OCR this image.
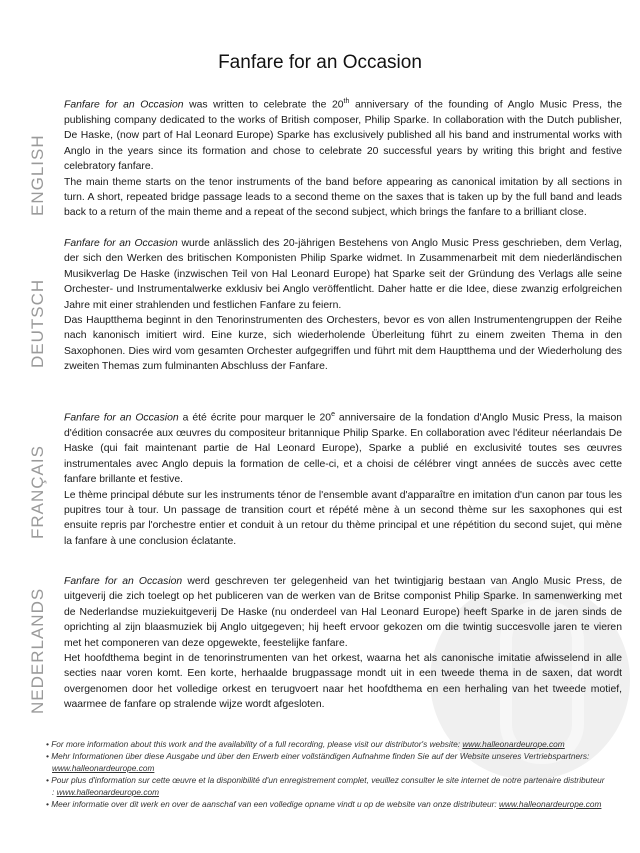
Fanfare for an Occasion
ENGLISH

Fanfare for an Occasion was written to celebrate the 20th anniversary of the founding of Anglo Music Press, the publishing company dedicated to the works of British composer, Philip Sparke. In collaboration with the Dutch publisher, De Haske, (now part of Hal Leonard Europe) Sparke has exclusively published all his band and instrumental works with Anglo in the years since its formation and chose to celebrate 20 successful years by writing this bright and festive celebratory fanfare.

The main theme starts on the tenor instruments of the band before appearing as canonical imitation by all sections in turn. A short, repeated bridge passage leads to a second theme on the saxes that is taken up by the full band and leads back to a return of the main theme and a repeat of the second subject, which brings the fanfare to a brilliant close.

DEUTSCH

Fanfare for an Occasion wurde anlässlich des 20-jährigen Bestehens von Anglo Music Press geschrieben, dem Verlag, der sich den Werken des britischen Komponisten Philip Sparke widmet. In Zusammenarbeit mit dem niederländischen Musikverlag De Haske (inzwischen Teil von Hal Leonard Europe) hat Sparke seit der Gründung des Verlags alle seine Orchester- und Instrumentalwerke exklusiv bei Anglo veröffentlicht. Daher hatte er die Idee, diese zwanzig erfolgreichen Jahre mit einer strahlenden und festlichen Fanfare zu feiern.

Das Hauptthema beginnt in den Tenorinstrumenten des Orchesters, bevor es von allen Instrumentengruppen der Reihe nach kanonisch imitiert wird. Eine kurze, sich wiederholende Überleitung führt zu einem zweiten Thema in den Saxophonen. Dies wird vom gesamten Orchester aufgegriffen und führt mit dem Hauptthema und der Wiederholung des zweiten Themas zum fulminanten Abschluss der Fanfare.

FRANÇAIS

Fanfare for an Occasion a été écrite pour marquer le 20e anniversaire de la fondation d'Anglo Music Press, la maison d'édition consacrée aux œuvres du compositeur britannique Philip Sparke. En collaboration avec l'éditeur néerlandais De Haske (qui fait maintenant partie de Hal Leonard Europe), Sparke a publié en exclusivité toutes ses œuvres instrumentales avec Anglo depuis la formation de celle-ci, et a choisi de célébrer vingt années de succès avec cette fanfare brillante et festive.

Le thème principal débute sur les instruments ténor de l'ensemble avant d'apparaître en imitation d'un canon par tous les pupitres tour à tour. Un passage de transition court et répété mène à un second thème sur les saxophones qui est ensuite repris par l'orchestre entier et conduit à un retour du thème principal et une répétition du second sujet, qui mène la fanfare à une conclusion éclatante.

NEDERLANDS

Fanfare for an Occasion werd geschreven ter gelegenheid van het twintigjarig bestaan van Anglo Music Press, de uitgeverij die zich toelegt op het publiceren van de werken van de Britse componist Philip Sparke. In samenwerking met de Nederlandse muziekuitgeverij De Haske (nu onderdeel van Hal Leonard Europe) heeft Sparke in de jaren sinds de oprichting al zijn blaasmuziek bij Anglo uitgegeven; hij heeft ervoor gekozen om die twintig succesvolle jaren te vieren met het componeren van deze opgewekte, feestelijke fanfare.

Het hoofdthema begint in de tenorinstrumenten van het orkest, waarna het als canonische imitatie afwisselend in alle secties naar voren komt. Een korte, herhaalde brugpassage mondt uit in een tweede thema in de saxen, dat wordt overgenomen door het volledige orkest en terugvoert naar het hoofdthema en een herhaling van het tweede motief, waarmee de fanfare op stralende wijze wordt afgesloten.

• For more information about this work and the availability of a full recording, please visit our distributor's website: www.halleonardeurope.com
• Mehr Informationen über diese Ausgabe und über den Erwerb einer vollständigen Aufnahme finden Sie auf der Website unseres Vertriebspartners: www.halleonardeurope.com
• Pour plus d'information sur cette œuvre et la disponibilité d'un enregistrement complet, veuillez consulter le site internet de notre partenaire distributeur : www.halleonardeurope.com
• Meer informatie over dit werk en over de aanschaf van een volledige opname vindt u op de website van onze distributeur: www.halleonardeurope.com
